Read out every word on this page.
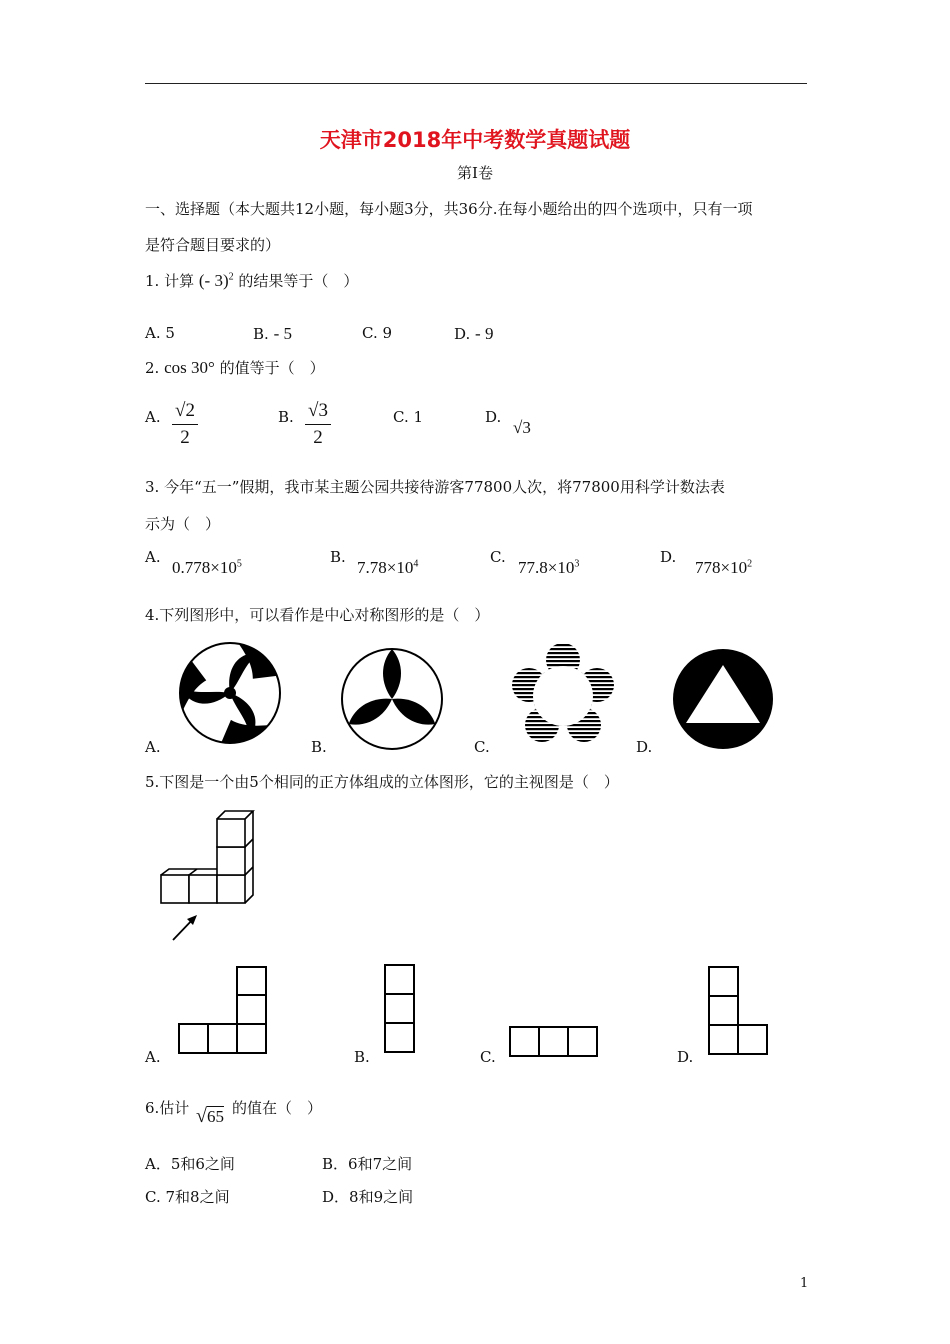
天津市2018年中考数学真题试题
第Ⅰ卷
一、选择题（本大题共12小题，每小题3分，共36分.在每小题给出的四个选项中，只有一项
是符合题目要求的）
1. 计算 (- 3)$^2$ 的结果等于（　）
A. 5	B. - 5	C. 9	D. - 9
2. cos 30° 的值等于（　）
A. √2
2
B. √3
2
C. 1	D.
√3
3. 今年“五一”假期，我市某主题公园共接待游客77800人次，将77800用科学计数法表
示为（　）
A.
$0.778\times 10^5$	B.
$7.78\times 10^4$	C.
$77.8\times 10^3$	D.
$778\times 10^2$
4.下列图形中，可以看作是中心对称图形的是（　）
A.	B.	C.	D.
5.下图是一个由5个相同的正方体组成的立体图形，它的主视图是（　）
A.	B.	C.	D.
6.估计 √65 的值在（　）
A．5和6之间	B．6和7之间
C. 7和8之间	D．8和9之间
1
